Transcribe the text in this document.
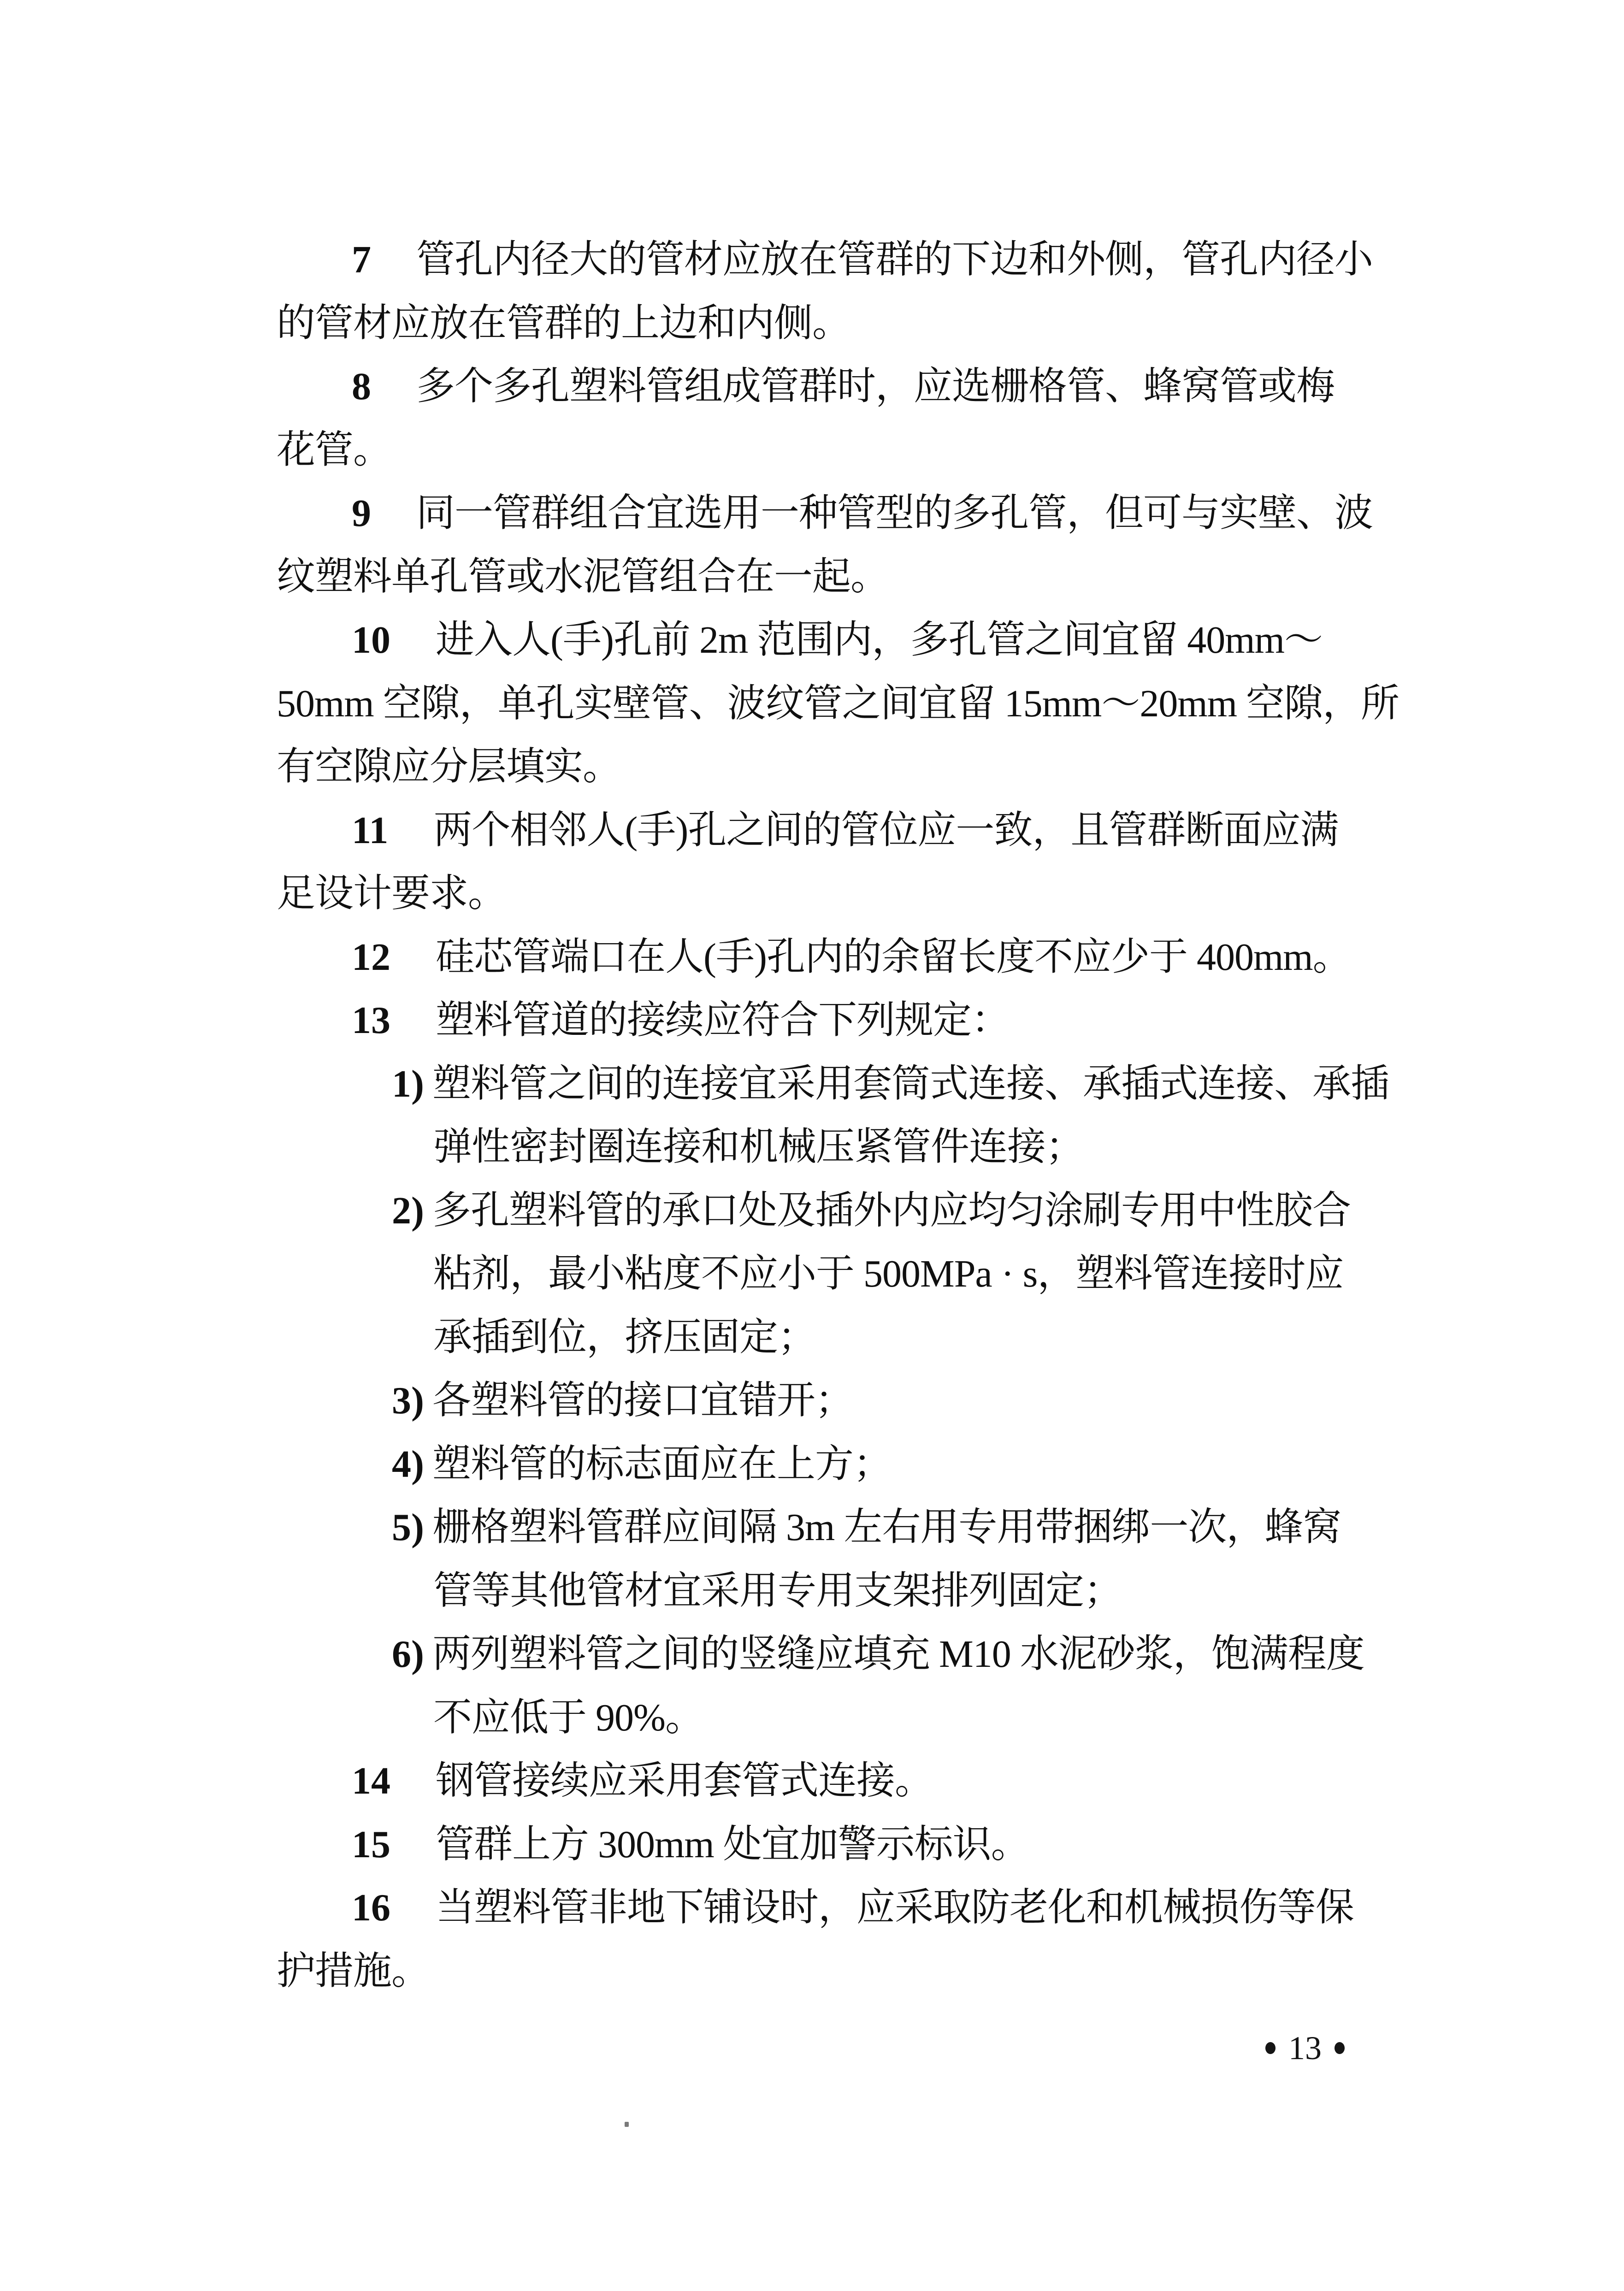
7 管孔内径大的管材应放在管群的下边和外侧，管孔内径小
的管材应放在管群的上边和内侧。
8 多个多孔塑料管组成管群时，应选栅格管、蜂窝管或梅
花管。
9 同一管群组合宜选用一种管型的多孔管，但可与实壁、波
纹塑料单孔管或水泥管组合在一起。
10 进入人(手)孔前 2m 范围内，多孔管之间宜留 40mm～
50mm 空隙，单孔实壁管、波纹管之间宜留 15mm～20mm 空隙，所
有空隙应分层填实。
11 两个相邻人(手)孔之间的管位应一致，且管群断面应满
足设计要求。
12 硅芯管端口在人(手)孔内的余留长度不应少于 400mm。
13 塑料管道的接续应符合下列规定：
1) 塑料管之间的连接宜采用套筒式连接、承插式连接、承插
弹性密封圈连接和机械压紧管件连接；
2) 多孔塑料管的承口处及插外内应均匀涂刷专用中性胶合
粘剂，最小粘度不应小于 500MPa · s，塑料管连接时应
承插到位，挤压固定；
3) 各塑料管的接口宜错开；
4) 塑料管的标志面应在上方；
5) 栅格塑料管群应间隔 3m 左右用专用带捆绑一次，蜂窝
管等其他管材宜采用专用支架排列固定；
6) 两列塑料管之间的竖缝应填充 M10 水泥砂浆，饱满程度
不应低于 90%。
14 钢管接续应采用套管式连接。
15 管群上方 300mm 处宜加警示标识。
16 当塑料管非地下铺设时，应采取防老化和机械损伤等保
护措施。
13
